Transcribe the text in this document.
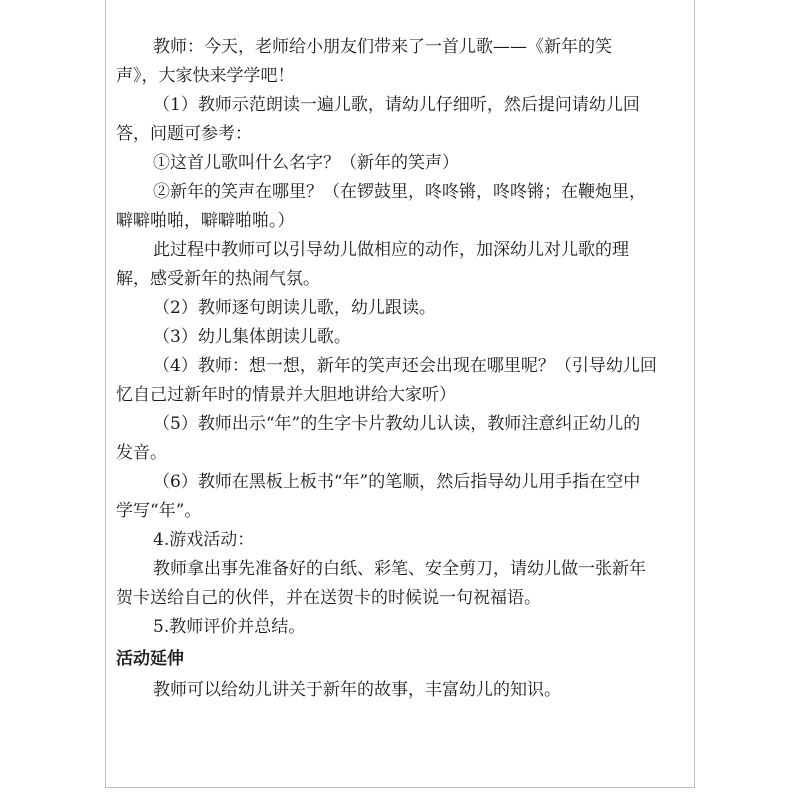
教师：今天，老师给小朋友们带来了一首儿歌——《新年的笑

声》，大家快来学学吧！

（1）教师示范朗读一遍儿歌，请幼儿仔细听，然后提问请幼儿回

答，问题可参考：

①这首儿歌叫什么名字？（新年的笑声）

②新年的笑声在哪里？（在锣鼓里，咚咚锵，咚咚锵；在鞭炮里，

噼噼啪啪，噼噼啪啪。）

此过程中教师可以引导幼儿做相应的动作，加深幼儿对儿歌的理

解，感受新年的热闹气氛。

（2）教师逐句朗读儿歌，幼儿跟读。

（3）幼儿集体朗读儿歌。

（4）教师：想一想，新年的笑声还会出现在哪里呢？（引导幼儿回

忆自己过新年时的情景并大胆地讲给大家听）

（5）教师出示“年”的生字卡片教幼儿认读，教师注意纠正幼儿的

发音。

（6）教师在黑板上板书“年”的笔顺，然后指导幼儿用手指在空中

学写“年”。

4.游戏活动：

教师拿出事先准备好的白纸、彩笔、安全剪刀，请幼儿做一张新年

贺卡送给自己的伙伴，并在送贺卡的时候说一句祝福语。

5.教师评价并总结。

活动延伸

教师可以给幼儿讲关于新年的故事，丰富幼儿的知识。
